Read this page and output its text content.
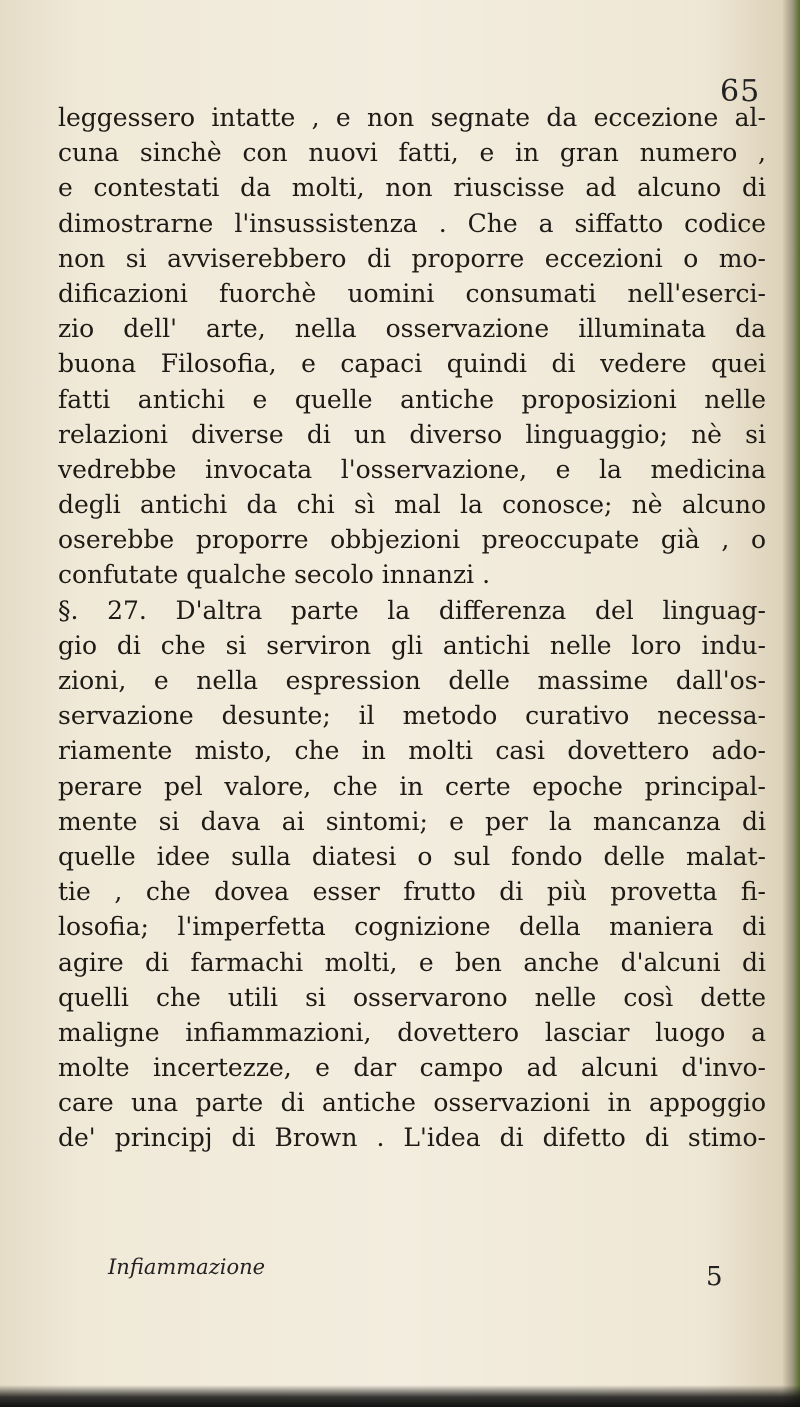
65
leggessero intatte , e non segnate da eccezione al-
cuna sinchè con nuovi fatti, e in gran numero ,
e contestati da molti, non riuscisse ad alcuno di
dimostrarne l'insussistenza . Che a siffatto codice
non si avviserebbero di proporre eccezioni o mo-
dificazioni fuorchè uomini consumati nell'eserci-
zio dell' arte, nella osservazione illuminata da
buona Filosofia, e capaci quindi di vedere quei
fatti antichi e quelle antiche proposizioni nelle
relazioni diverse di un diverso linguaggio; nè si
vedrebbe invocata l'osservazione, e la medicina
degli antichi da chi sì mal la conosce; nè alcuno
oserebbe proporre obbjezioni preoccupate già , o
confutate qualche secolo innanzi .
§. 27. D'altra parte la differenza del linguag-
gio di che si serviron gli antichi nelle loro indu-
zioni, e nella espression delle massime dall'os-
servazione desunte; il metodo curativo necessa-
riamente misto, che in molti casi dovettero ado-
perare pel valore, che in certe epoche principal-
mente si dava ai sintomi; e per la mancanza di
quelle idee sulla diatesi o sul fondo delle malat-
tie , che dovea esser frutto di più provetta fi-
losofia; l'imperfetta cognizione della maniera di
agire di farmachi molti, e ben anche d'alcuni di
quelli che utili si osservarono nelle così dette
maligne infiammazioni, dovettero lasciar luogo a
molte incertezze, e dar campo ad alcuni d'invo-
care una parte di antiche osservazioni in appoggio
de' principj di Brown . L'idea di difetto di stimo-
Infiammazione	5
